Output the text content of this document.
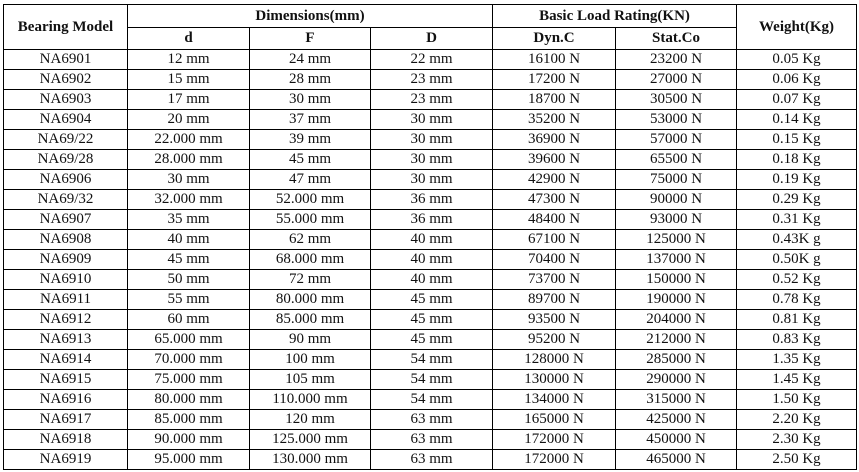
Bearing Model	Dimensions(mm)			Basic Load Rating(KN)		Weight(Kg)
	d	F	D	Dyn.C	Stat.Co	
NA6901	12 mm	24 mm	22 mm	16100 N	23200 N	0.05 Kg
NA6902	15 mm	28 mm	23 mm	17200 N	27000 N	0.06 Kg
NA6903	17 mm	30 mm	23 mm	18700 N	30500 N	0.07 Kg
NA6904	20 mm	37 mm	30 mm	35200 N	53000 N	0.14 Kg
NA69/22	22.000 mm	39 mm	30 mm	36900 N	57000 N	0.15 Kg
NA69/28	28.000 mm	45 mm	30 mm	39600 N	65500 N	0.18 Kg
NA6906	30 mm	47 mm	30 mm	42900 N	75000 N	0.19 Kg
NA69/32	32.000 mm	52.000 mm	36 mm	47300 N	90000 N	0.29 Kg
NA6907	35 mm	55.000 mm	36 mm	48400 N	93000 N	0.31 Kg
NA6908	40 mm	62 mm	40 mm	67100 N	125000 N	0.43K g
NA6909	45 mm	68.000 mm	40 mm	70400 N	137000 N	0.50K g
NA6910	50 mm	72 mm	40 mm	73700 N	150000 N	0.52 Kg
NA6911	55 mm	80.000 mm	45 mm	89700 N	190000 N	0.78 Kg
NA6912	60 mm	85.000 mm	45 mm	93500 N	204000 N	0.81 Kg
NA6913	65.000 mm	90 mm	45 mm	95200 N	212000 N	0.83 Kg
NA6914	70.000 mm	100 mm	54 mm	128000 N	285000 N	1.35 Kg
NA6915	75.000 mm	105 mm	54 mm	130000 N	290000 N	1.45 Kg
NA6916	80.000 mm	110.000 mm	54 mm	134000 N	315000 N	1.50 Kg
NA6917	85.000 mm	120 mm	63 mm	165000 N	425000 N	2.20 Kg
NA6918	90.000 mm	125.000 mm	63 mm	172000 N	450000 N	2.30 Kg
NA6919	95.000 mm	130.000 mm	63 mm	172000 N	465000 N	2.50 Kg
